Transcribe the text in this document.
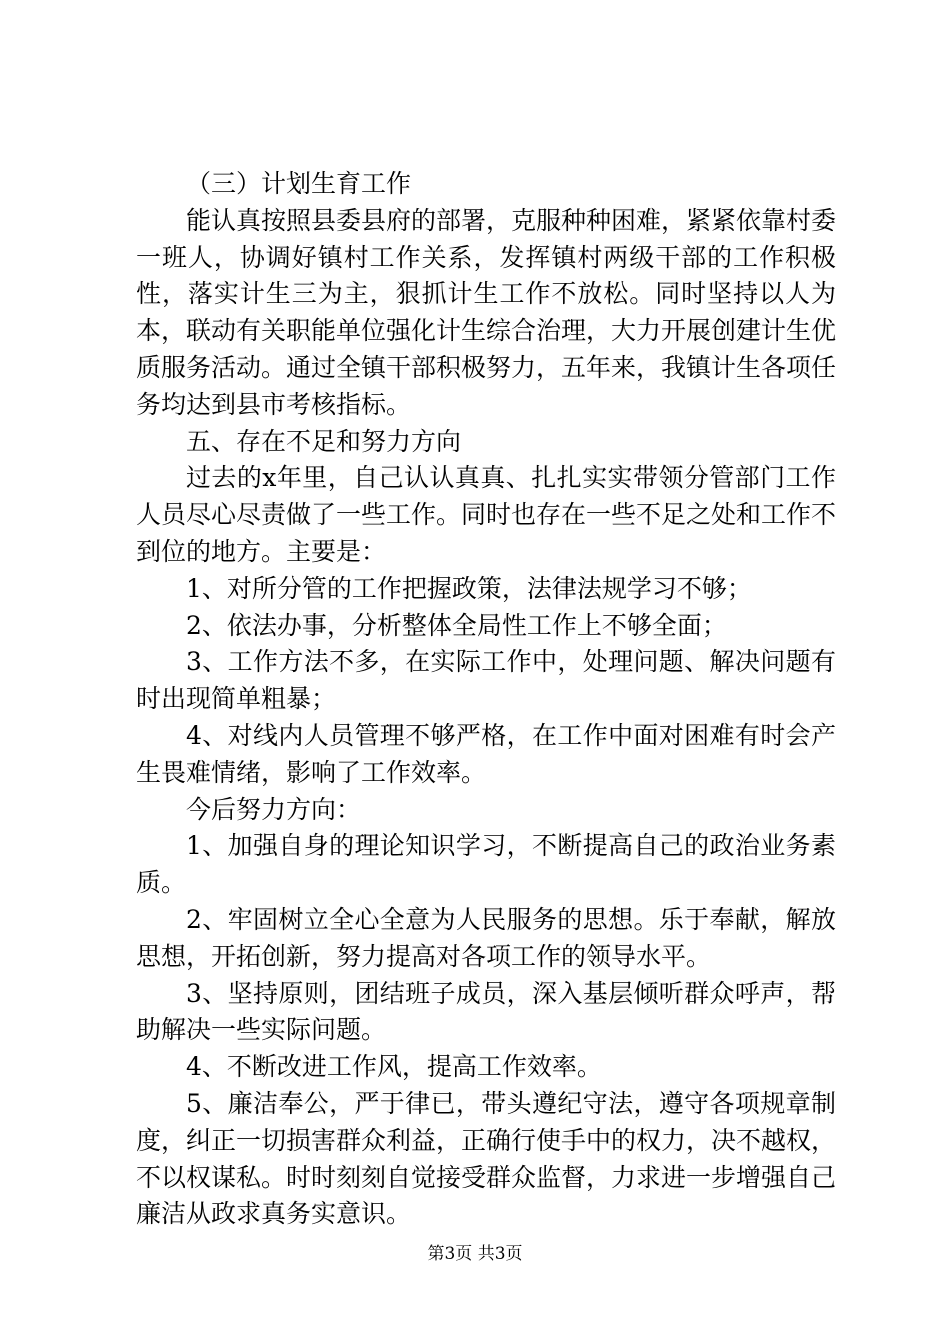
（三）计划生育工作

能认真按照县委县府的部署，克服种种困难，紧紧依靠村委一班人，协调好镇村工作关系，发挥镇村两级干部的工作积极性，落实计生三为主，狠抓计生工作不放松。同时坚持以人为本，联动有关职能单位强化计生综合治理，大力开展创建计生优质服务活动。通过全镇干部积极努力，五年来，我镇计生各项任务均达到县市考核指标。

五、存在不足和努力方向

过去的x年里，自己认认真真、扎扎实实带领分管部门工作人员尽心尽责做了一些工作。同时也存在一些不足之处和工作不到位的地方。主要是：

1、对所分管的工作把握政策，法律法规学习不够；

2、依法办事，分析整体全局性工作上不够全面；

3、工作方法不多，在实际工作中，处理问题、解决问题有时出现简单粗暴；

4、对线内人员管理不够严格，在工作中面对困难有时会产生畏难情绪，影响了工作效率。

今后努力方向：

1、加强自身的理论知识学习，不断提高自己的政治业务素质。

2、牢固树立全心全意为人民服务的思想。乐于奉献，解放思想，开拓创新，努力提高对各项工作的领导水平。

3、坚持原则，团结班子成员，深入基层倾听群众呼声，帮助解决一些实际问题。

4、不断改进工作风，提高工作效率。

5、廉洁奉公，严于律已，带头遵纪守法，遵守各项规章制度，纠正一切损害群众利益，正确行使手中的权力，决不越权，不以权谋私。时时刻刻自觉接受群众监督，力求进一步增强自己廉洁从政求真务实意识。

第3页 共3页
